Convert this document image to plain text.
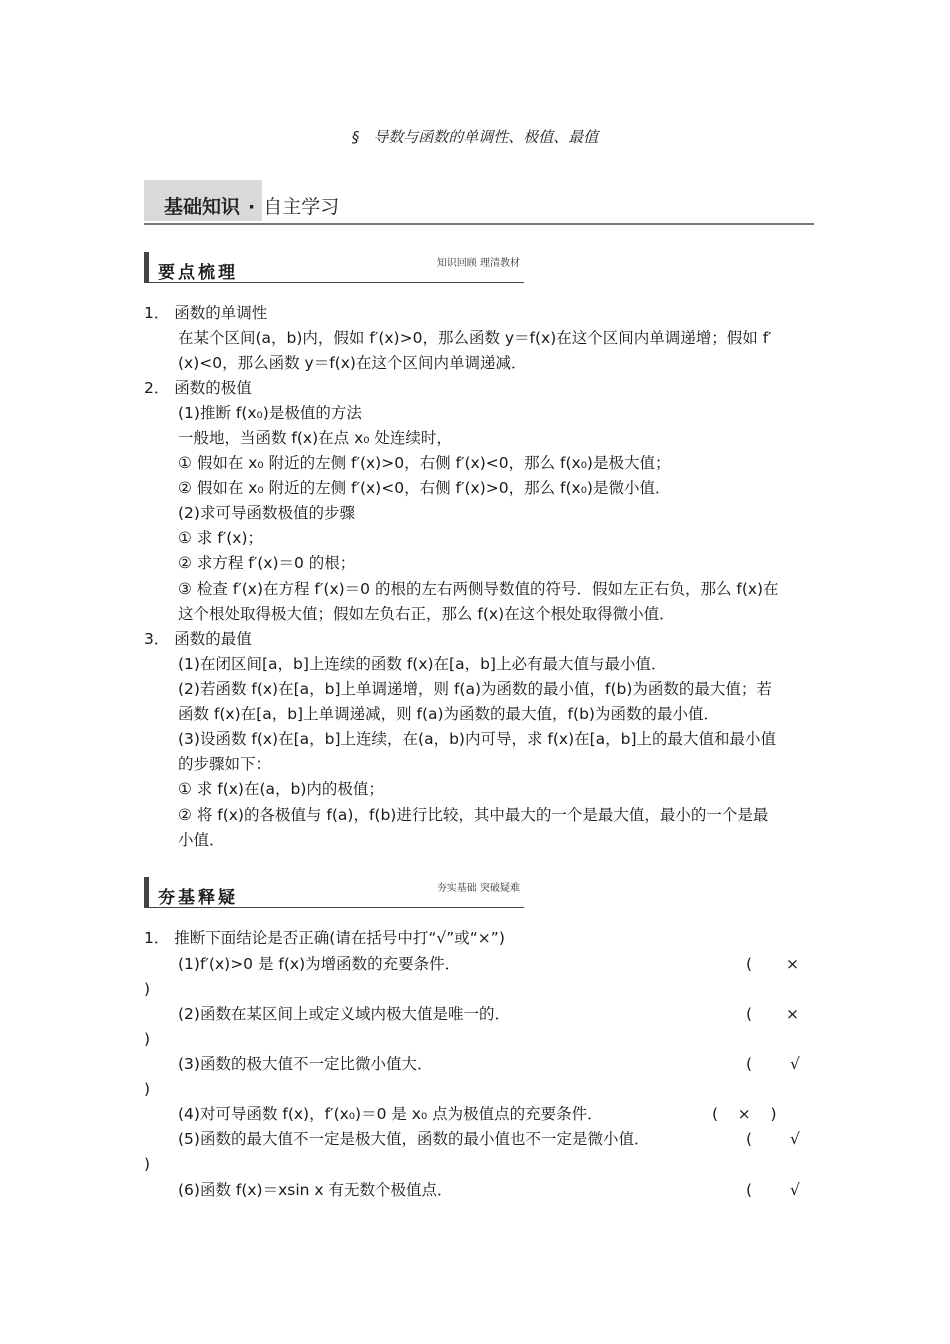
§ 导数与函数的单调性、极值、最值
基础知识 · 自主学习
要点梳理	知识回顾 理清教材
1． 函数的单调性
在某个区间(a，b)内，假如 f′(x)>0，那么函数 y＝f(x)在这个区间内单调递增；假如 f′
(x)<0，那么函数 y＝f(x)在这个区间内单调递减．
2． 函数的极值
(1)推断 f(x₀)是极值的方法
一般地，当函数 f(x)在点 x₀ 处连续时，
① 假如在 x₀ 附近的左侧 f′(x)>0，右侧 f′(x)<0，那么 f(x₀)是极大值；
② 假如在 x₀ 附近的左侧 f′(x)<0，右侧 f′(x)>0，那么 f(x₀)是微小值．
(2)求可导函数极值的步骤
① 求 f′(x)；
② 求方程 f′(x)＝0 的根；
③ 检查 f′(x)在方程 f′(x)＝0 的根的左右两侧导数值的符号．假如左正右负，那么 f(x)在
这个根处取得极大值；假如左负右正，那么 f(x)在这个根处取得微小值．
3． 函数的最值
(1)在闭区间[a，b]上连续的函数 f(x)在[a，b]上必有最大值与最小值．
(2)若函数 f(x)在[a，b]上单调递增，则 f(a)为函数的最小值，f(b)为函数的最大值；若
函数 f(x)在[a，b]上单调递减，则 f(a)为函数的最大值，f(b)为函数的最小值．
(3)设函数 f(x)在[a，b]上连续，在(a，b)内可导，求 f(x)在[a，b]上的最大值和最小值
的步骤如下：
① 求 f(x)在(a，b)内的极值；
② 将 f(x)的各极值与 f(a)，f(b)进行比较，其中最大的一个是最大值，最小的一个是最
小值．
夯基释疑	夯实基础 突破疑难
1． 推断下面结论是否正确(请在括号中打“√”或“×”)
(1)f′(x)>0 是 f(x)为增函数的充要条件．	( ×
)
(2)函数在某区间上或定义域内极大值是唯一的．	( ×
)
(3)函数的极大值不一定比微小值大．	( √
)
(4)对可导函数 f(x)，f′(x₀)＝0 是 x₀ 点为极值点的充要条件．	(    ×    )
(5)函数的最大值不一定是极大值，函数的最小值也不一定是微小值．	( √
)
(6)函数 f(x)＝xsin x 有无数个极值点．	( √
